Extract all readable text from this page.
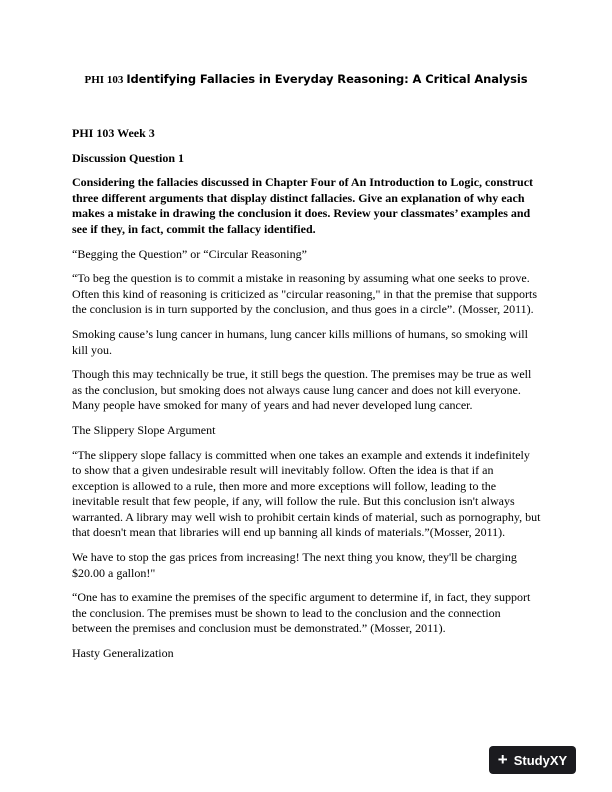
PHI 103 Identifying Fallacies in Everyday Reasoning: A Critical Analysis

PHI 103 Week 3

Discussion Question 1

Considering the fallacies discussed in Chapter Four of An Introduction to Logic, construct three different arguments that display distinct fallacies. Give an explanation of why each makes a mistake in drawing the conclusion it does. Review your classmates’ examples and see if they, in fact, commit the fallacy identified.

“Begging the Question” or “Circular Reasoning”

“To beg the question is to commit a mistake in reasoning by assuming what one seeks to prove. Often this kind of reasoning is criticized as "circular reasoning," in that the premise that supports the conclusion is in turn supported by the conclusion, and thus goes in a circle”. (Mosser, 2011).

Smoking cause’s lung cancer in humans, lung cancer kills millions of humans, so smoking will kill you.

Though this may technically be true, it still begs the question. The premises may be true as well as the conclusion, but smoking does not always cause lung cancer and does not kill everyone. Many people have smoked for many of years and had never developed lung cancer.

The Slippery Slope Argument

“The slippery slope fallacy is committed when one takes an example and extends it indefinitely to show that a given undesirable result will inevitably follow. Often the idea is that if an exception is allowed to a rule, then more and more exceptions will follow, leading to the inevitable result that few people, if any, will follow the rule. But this conclusion isn't always warranted. A library may well wish to prohibit certain kinds of material, such as pornography, but that doesn't mean that libraries will end up banning all kinds of materials.”(Mosser, 2011).

We have to stop the gas prices from increasing! The next thing you know, they'll be charging $20.00 a gallon!"

“One has to examine the premises of the specific argument to determine if, in fact, they support the conclusion. The premises must be shown to lead to the conclusion and the connection between the premises and conclusion must be demonstrated.” (Mosser, 2011).

Hasty Generalization

+ StudyXY
